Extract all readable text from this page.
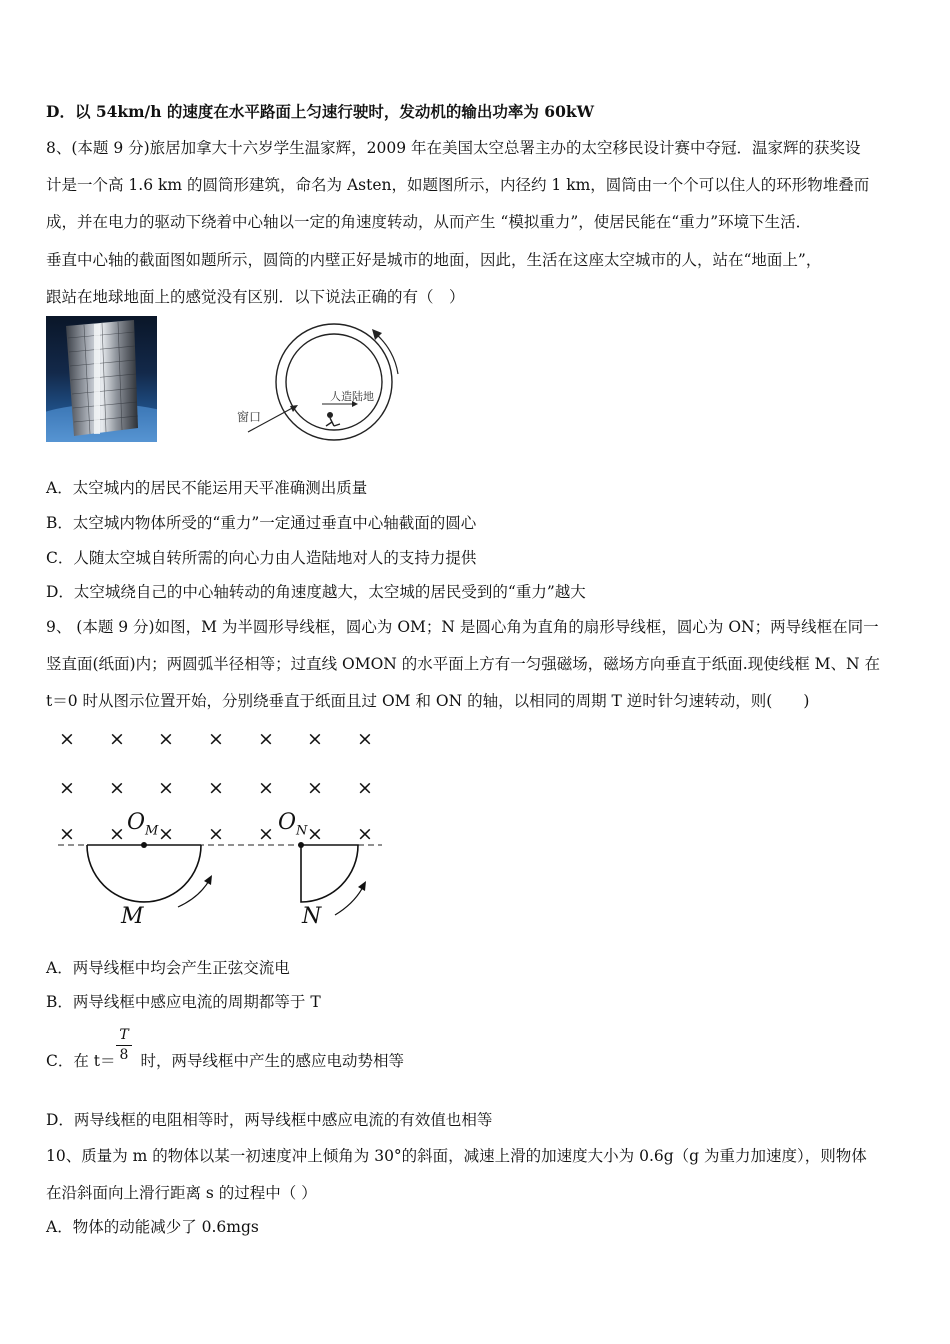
D．以 54km/h 的速度在水平路面上匀速行驶时，发动机的输出功率为 60kW
8、(本题 9 分)旅居加拿大十六岁学生温家辉，2009 年在美国太空总署主办的太空移民设计赛中夺冠．温家辉的获奖设
计是一个高 1.6 km 的圆筒形建筑，命名为 Asten，如题图所示，内径约 1 km，圆筒由一个个可以住人的环形物堆叠而
成，并在电力的驱动下绕着中心轴以一定的角速度转动，从而产生 “模拟重力”，使居民能在“重力”环境下生活．
垂直中心轴的截面图如题所示，圆筒的内壁正好是城市的地面，因此，生活在这座太空城市的人，站在“地面上”，
跟站在地球地面上的感觉没有区别．以下说法正确的有（　）
人造陆地
窗口
A．太空城内的居民不能运用天平准确测出质量
B．太空城内物体所受的“重力”一定通过垂直中心轴截面的圆心
C．人随太空城自转所需的向心力由人造陆地对人的支持力提供
D．太空城绕自己的中心轴转动的角速度越大，太空城的居民受到的“重力”越大
9、 (本题 9 分)如图，M 为半圆形导线框，圆心为 OM；N 是圆心角为直角的扇形导线框，圆心为 ON；两导线框在同一
竖直面(纸面)内；两圆弧半径相等；过直线 OMON 的水平面上方有一匀强磁场，磁场方向垂直于纸面.现使线框 M、N 在
t＝0 时从图示位置开始，分别绕垂直于纸面且过 OM 和 ON 的轴，以相同的周期 T 逆时针匀速转动，则(　　)
× × × × × × ×
× × × × × × ×
× × × × × × ×
$O_M$	$O_N$
M	N
A．两导线框中均会产生正弦交流电
B．两导线框中感应电流的周期都等于 T
C．在 t＝ 时，两导线框中产生的感应电动势相等
$\frac{T}{8}$
D．两导线框的电阻相等时，两导线框中感应电流的有效值也相等
10、质量为 m 的物体以某一初速度冲上倾角为 30°的斜面，减速上滑的加速度大小为 0.6g（g 为重力加速度），则物体
在沿斜面向上滑行距离 s 的过程中（ ）
A．物体的动能减少了 0.6mgs
